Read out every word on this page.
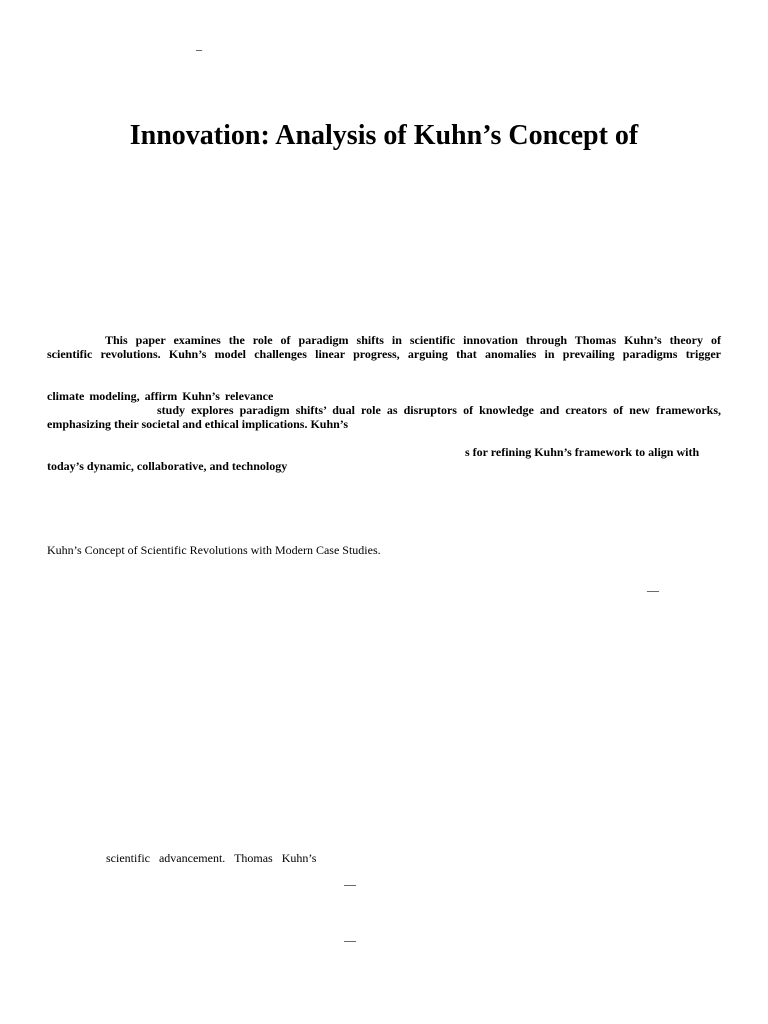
–
Innovation: Analysis of Kuhn’s Concept of
This paper examines the role of paradigm shifts in scientific innovation through Thomas Kuhn’s theory of
scientific revolutions. Kuhn’s model challenges linear progress, arguing that anomalies in prevailing paradigms trigger
climate modeling, affirm Kuhn’s relevance
study explores paradigm shifts’ dual role as disruptors of knowledge and creators of new frameworks,
emphasizing their societal and ethical implications. Kuhn’s
s for refining Kuhn’s framework to align with
today’s dynamic, collaborative, and technology
Kuhn’s Concept of Scientific Revolutions with Modern Case Studies.
—
scientific   advancement.   Thomas   Kuhn’s
—
—
